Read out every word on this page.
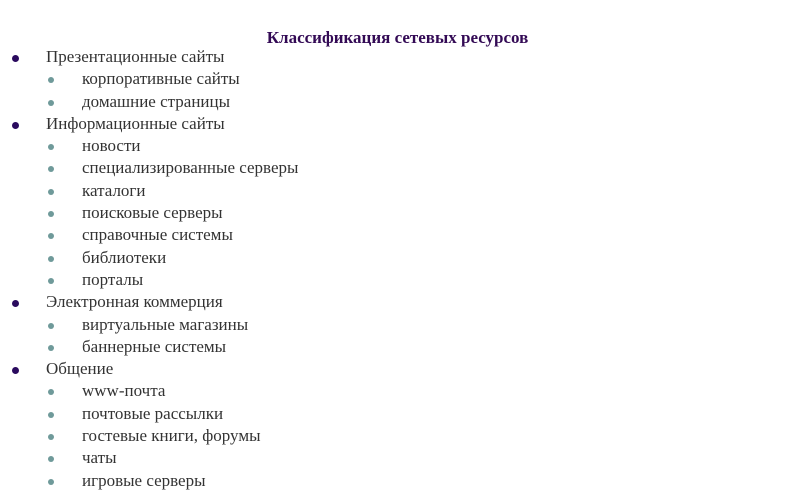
Классификация сетевых ресурсов
Презентационные сайты
корпоративные сайты
домашние страницы
Информационные сайты
новости
специализированные серверы
каталоги
поисковые серверы
справочные системы
библиотеки
порталы
Электронная коммерция
виртуальные магазины
баннерные системы
Общение
www-почта
почтовые рассылки
гостевые книги, форумы
чаты
игровые серверы
